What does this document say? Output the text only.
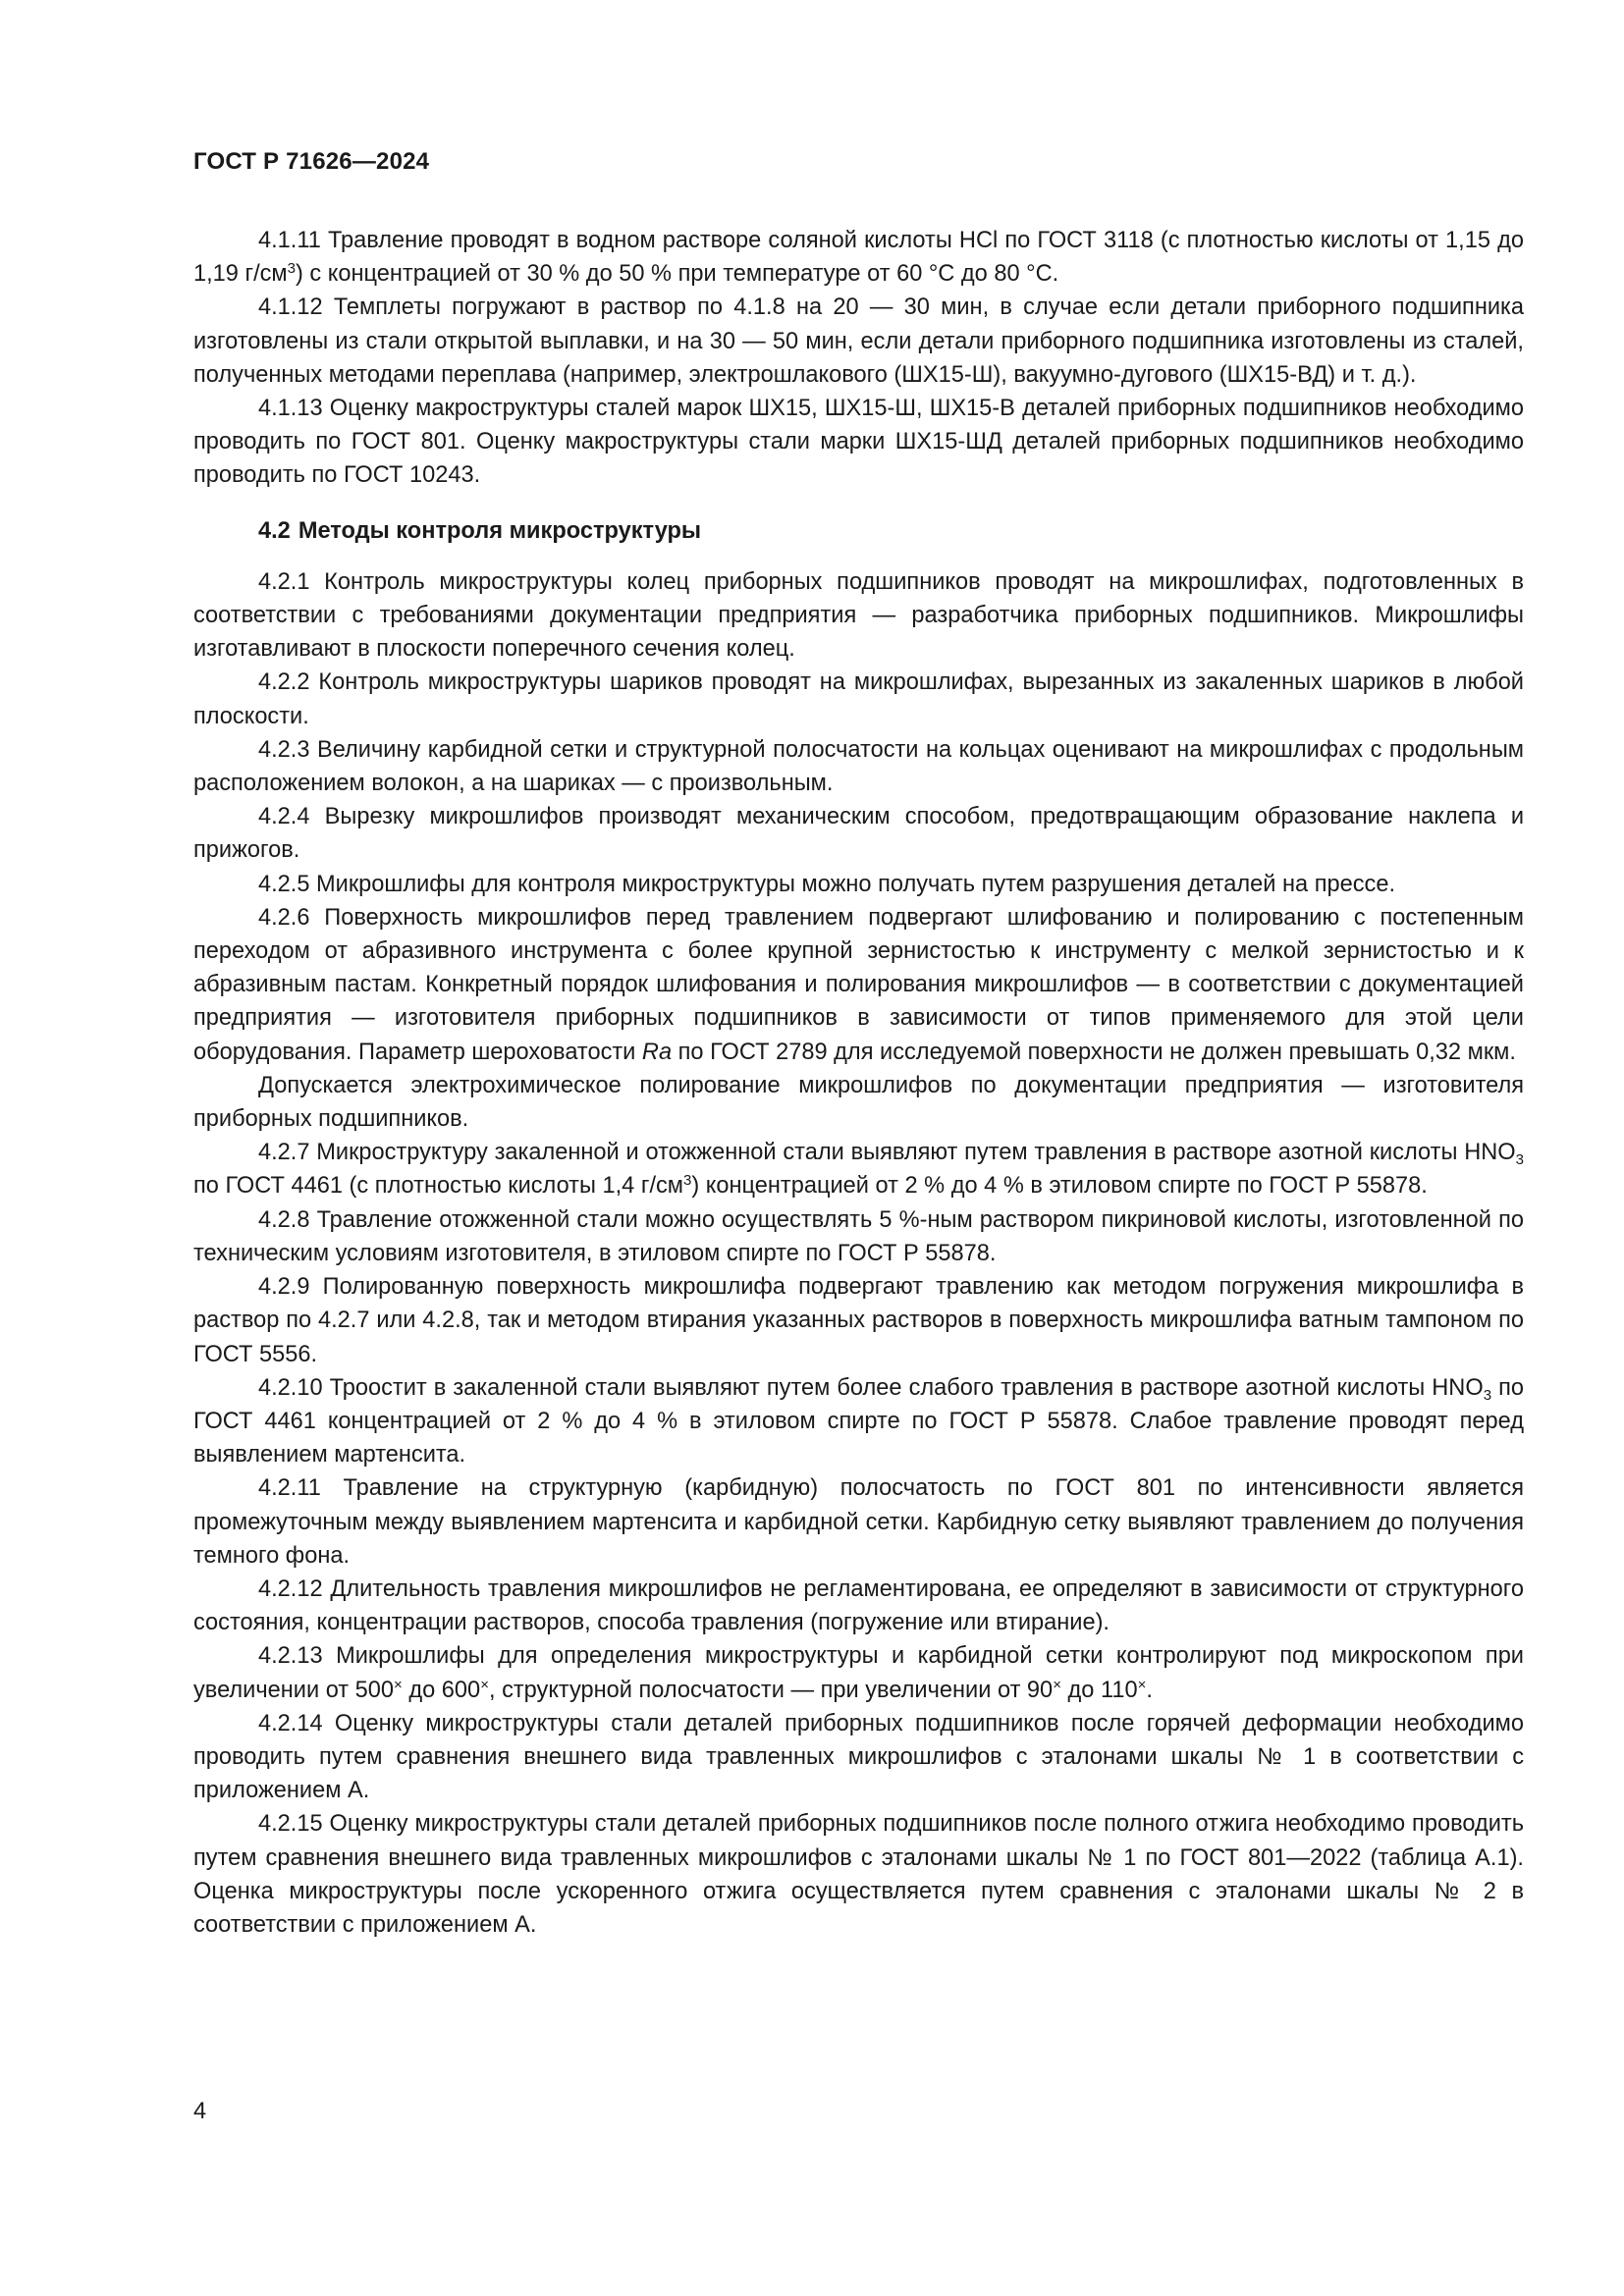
ГОСТ Р 71626—2024

4.1.11 Травление проводят в водном растворе соляной кислоты HCl по ГОСТ 3118 (с плотностью кислоты от 1,15 до 1,19 $г/см^3$) с концентрацией от 30 % до 50 % при температуре от 60 °С до 80 °С.

4.1.12 Темплеты погружают в раствор по 4.1.8 на 20 — 30 мин, в случае если детали приборного подшипника изготовлены из стали открытой выплавки, и на 30 — 50 мин, если детали приборного подшипника изготовлены из сталей, полученных методами переплава (например, электрошлакового (ШХ15-Ш), вакуумно-дугового (ШХ15-ВД) и т. д.).

4.1.13 Оценку макроструктуры сталей марок ШХ15, ШХ15-Ш, ШХ15-В деталей приборных подшипников необходимо проводить по ГОСТ 801. Оценку макроструктуры стали марки ШХ15-ШД деталей приборных подшипников необходимо проводить по ГОСТ 10243.

4.2 Методы контроля микроструктуры

4.2.1 Контроль микроструктуры колец приборных подшипников проводят на микрошлифах, подготовленных в соответствии с требованиями документации предприятия — разработчика приборных подшипников. Микрошлифы изготавливают в плоскости поперечного сечения колец.

4.2.2 Контроль микроструктуры шариков проводят на микрошлифах, вырезанных из закаленных шариков в любой плоскости.

4.2.3 Величину карбидной сетки и структурной полосчатости на кольцах оценивают на микрошлифах с продольным расположением волокон, а на шариках — с произвольным.

4.2.4 Вырезку микрошлифов производят механическим способом, предотвращающим образование наклепа и прижогов.

4.2.5 Микрошлифы для контроля микроструктуры можно получать путем разрушения деталей на прессе.

4.2.6 Поверхность микрошлифов перед травлением подвергают шлифованию и полированию с постепенным переходом от абразивного инструмента с более крупной зернистостью к инструменту с мелкой зернистостью и к абразивным пастам. Конкретный порядок шлифования и полирования микрошлифов — в соответствии с документацией предприятия — изготовителя приборных подшипников в зависимости от типов применяемого для этой цели оборудования. Параметр шероховатости Ra по ГОСТ 2789 для исследуемой поверхности не должен превышать 0,32 мкм.

Допускается электрохимическое полирование микрошлифов по документации предприятия — изготовителя приборных подшипников.

4.2.7 Микроструктуру закаленной и отожженной стали выявляют путем травления в растворе азотной кислоты $HNO_3$ по ГОСТ 4461 (с плотностью кислоты 1,4 $г/см^3$) концентрацией от 2 % до 4 % в этиловом спирте по ГОСТ Р 55878.

4.2.8 Травление отожженной стали можно осуществлять 5 %-ным раствором пикриновой кислоты, изготовленной по техническим условиям изготовителя, в этиловом спирте по ГОСТ Р 55878.

4.2.9 Полированную поверхность микрошлифа подвергают травлению как методом погружения микрошлифа в раствор по 4.2.7 или 4.2.8, так и методом втирания указанных растворов в поверхность микрошлифа ватным тампоном по ГОСТ 5556.

4.2.10 Троостит в закаленной стали выявляют путем более слабого травления в растворе азотной кислоты $HNO_3$ по ГОСТ 4461 концентрацией от 2 % до 4 % в этиловом спирте по ГОСТ Р 55878. Слабое травление проводят перед выявлением мартенсита.

4.2.11 Травление на структурную (карбидную) полосчатость по ГОСТ 801 по интенсивности является промежуточным между выявлением мартенсита и карбидной сетки. Карбидную сетку выявляют травлением до получения темного фона.

4.2.12 Длительность травления микрошлифов не регламентирована, ее определяют в зависимости от структурного состояния, концентрации растворов, способа травления (погружение или втирание).

4.2.13 Микрошлифы для определения микроструктуры и карбидной сетки контролируют под микроскопом при увеличении от 500× до 600×, структурной полосчатости — при увеличении от 90× до 110×.

4.2.14 Оценку микроструктуры стали деталей приборных подшипников после горячей деформации необходимо проводить путем сравнения внешнего вида травленных микрошлифов с эталонами шкалы № 1 в соответствии с приложением А.

4.2.15 Оценку микроструктуры стали деталей приборных подшипников после полного отжига необходимо проводить путем сравнения внешнего вида травленных микрошлифов с эталонами шкалы № 1 по ГОСТ 801—2022 (таблица А.1). Оценка микроструктуры после ускоренного отжига осуществляется путем сравнения с эталонами шкалы № 2 в соответствии с приложением А.

4
